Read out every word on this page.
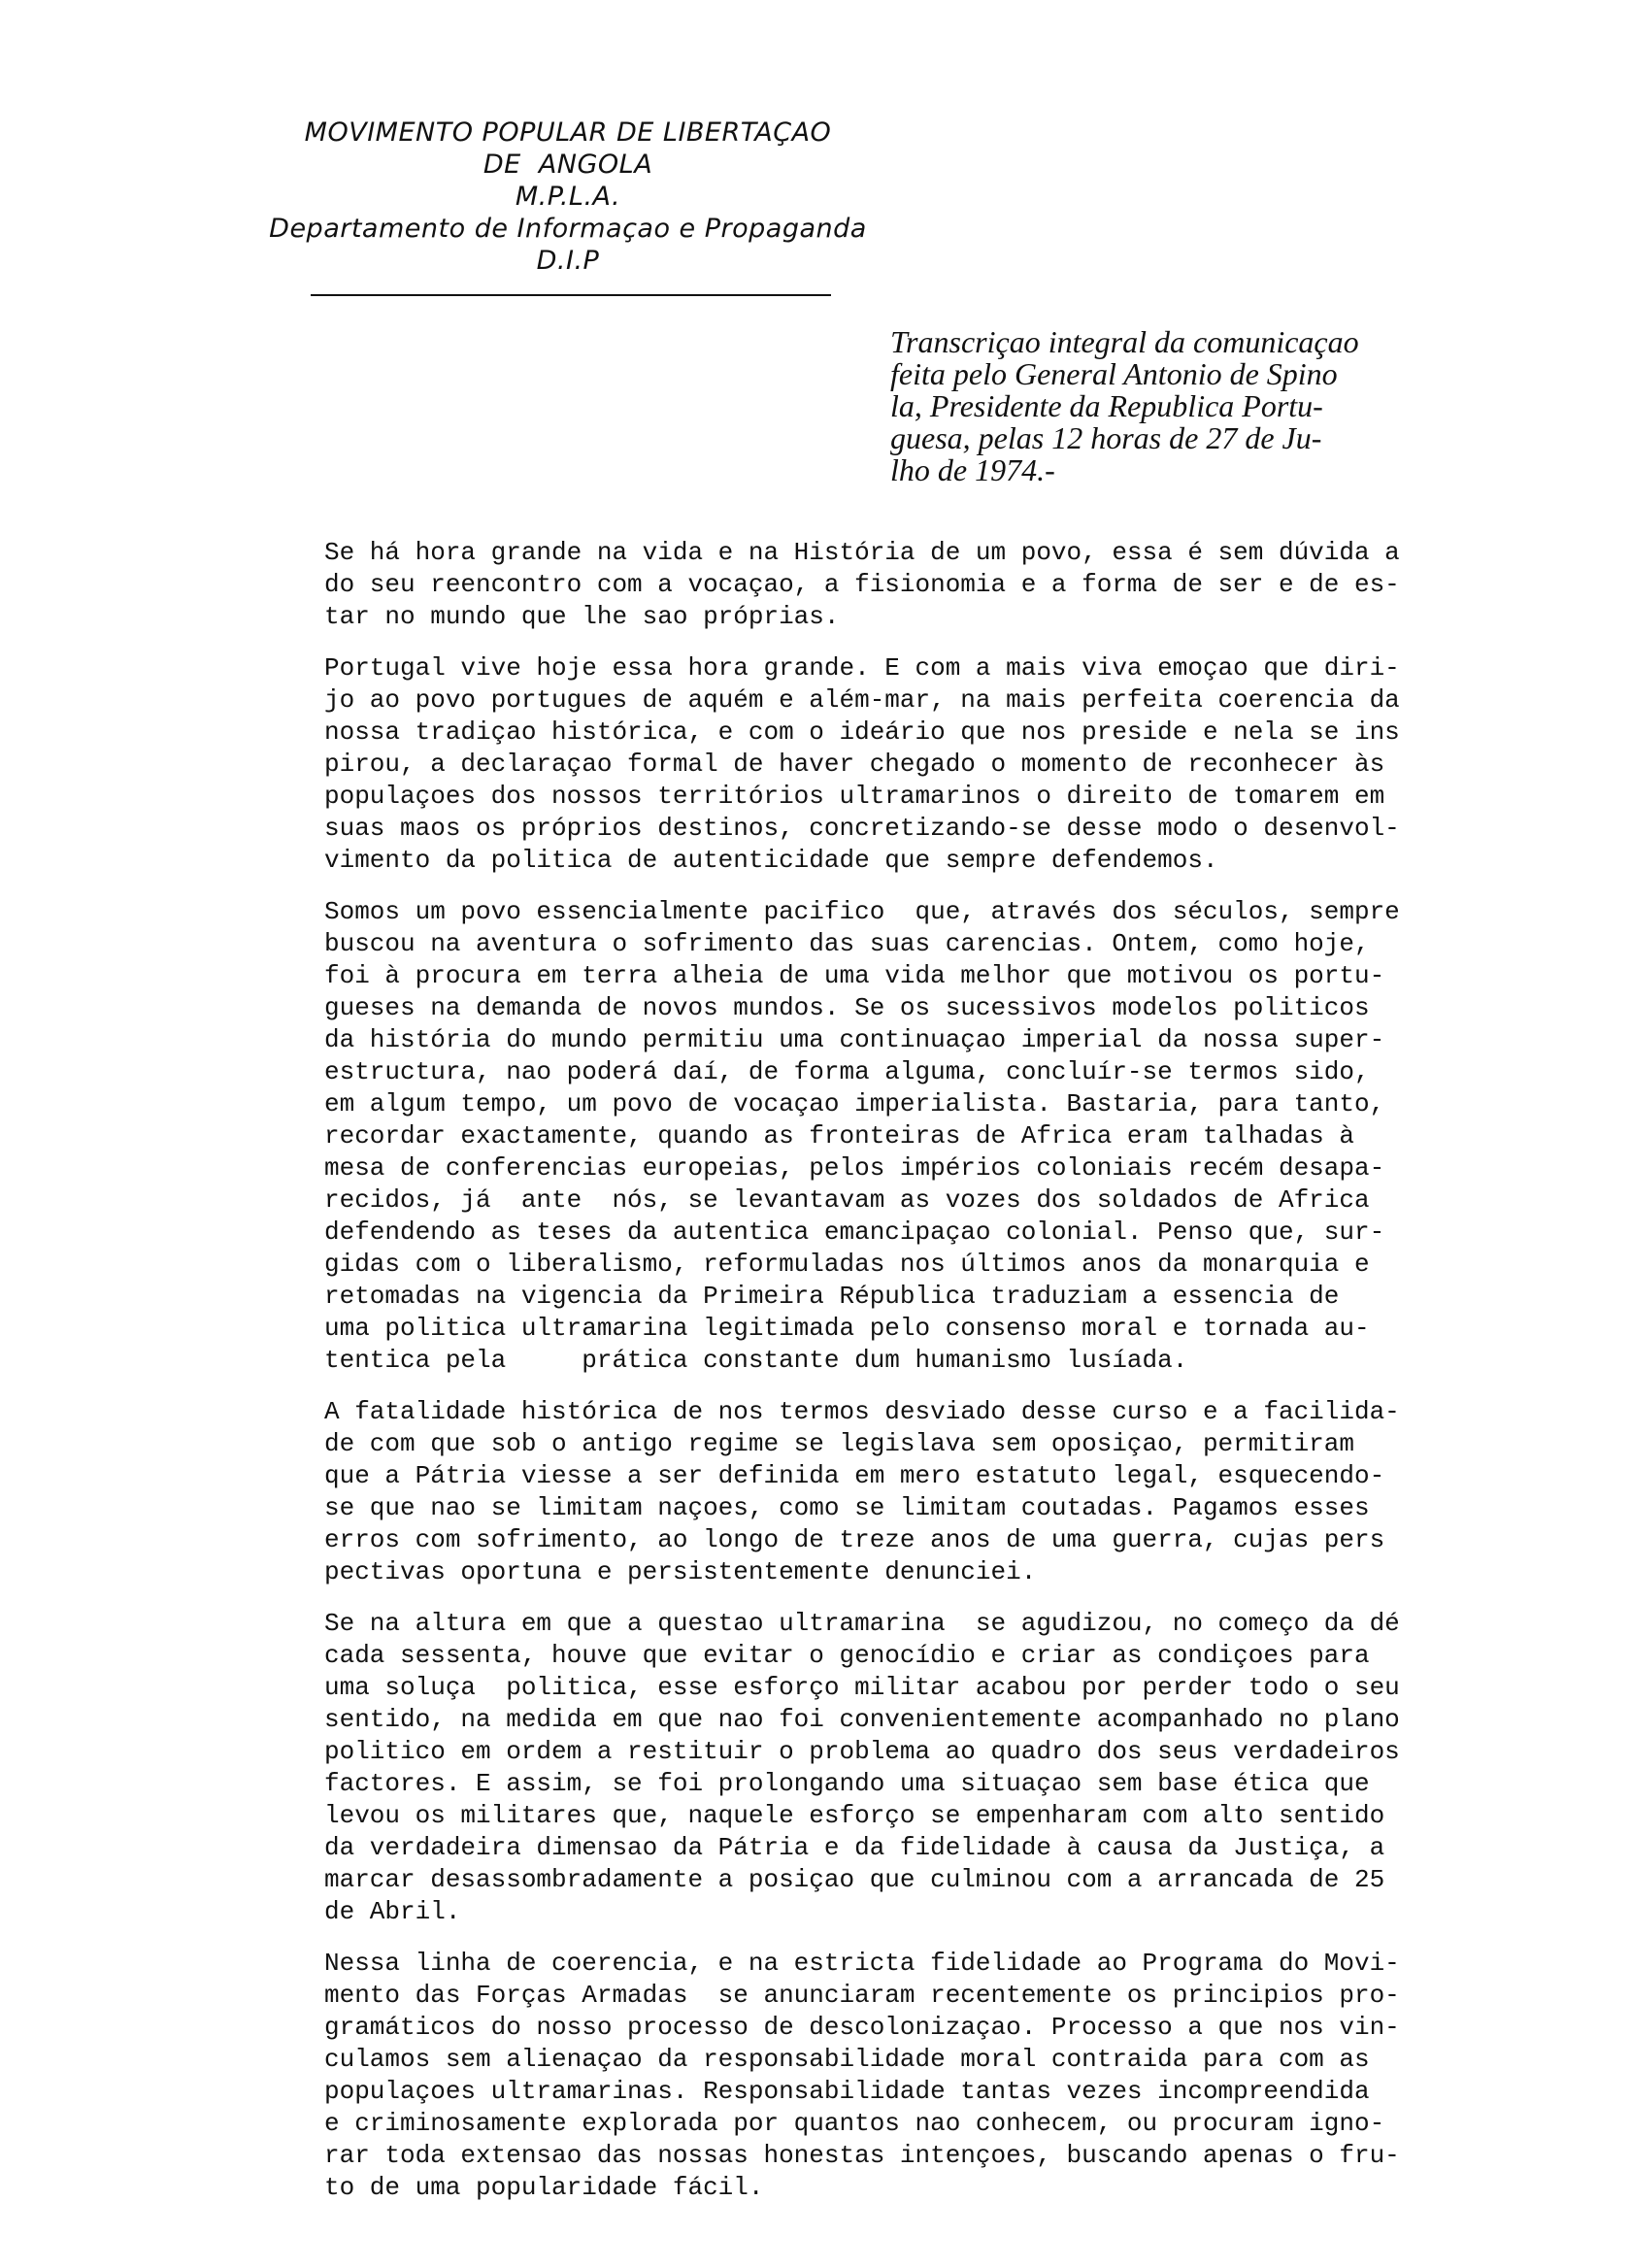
MOVIMENTO POPULAR DE LIBERTAÇAO
DE  ANGOLA
M.P.L.A.
Departamento de Informaçao e Propaganda
D.I.P
Transcriçao integral da comunicaçao
feita pelo General Antonio de Spino
la, Presidente da Republica Portu-
guesa, pelas 12 horas de 27 de Ju-
lho de 1974.-
Se há hora grande na vida e na História de um povo, essa é sem dúvida a
do seu reencontro com a vocaçao, a fisionomia e a forma de ser e de es-
tar no mundo que lhe sao próprias.
Portugal vive hoje essa hora grande. E com a mais viva emoçao que diri-
jo ao povo portugues de aquém e além-mar, na mais perfeita coerencia da
nossa tradiçao histórica, e com o ideário que nos preside e nela se ins
pirou, a declaraçao formal de haver chegado o momento de reconhecer às
populaçoes dos nossos territórios ultramarinos o direito de tomarem em
suas maos os próprios destinos, concretizando-se desse modo o desenvol-
vimento da politica de autenticidade que sempre defendemos.
Somos um povo essencialmente pacifico  que, através dos séculos, sempre
buscou na aventura o sofrimento das suas carencias. Ontem, como hoje,
foi à procura em terra alheia de uma vida melhor que motivou os portu-
gueses na demanda de novos mundos. Se os sucessivos modelos politicos
da história do mundo permitiu uma continuaçao imperial da nossa super-
estructura, nao poderá daí, de forma alguma, concluír-se termos sido,
em algum tempo, um povo de vocaçao imperialista. Bastaria, para tanto,
recordar exactamente, quando as fronteiras de Africa eram talhadas à
mesa de conferencias europeias, pelos impérios coloniais recém desapa-
recidos, já  ante  nós, se levantavam as vozes dos soldados de Africa
defendendo as teses da autentica emancipaçao colonial. Penso que, sur-
gidas com o liberalismo, reformuladas nos últimos anos da monarquia e
retomadas na vigencia da Primeira Républica traduziam a essencia de
uma politica ultramarina legitimada pelo consenso moral e tornada au-
tentica pela     prática constante dum humanismo lusíada.
A fatalidade histórica de nos termos desviado desse curso e a facilida-
de com que sob o antigo regime se legislava sem oposiçao, permitiram
que a Pátria viesse a ser definida em mero estatuto legal, esquecendo-
se que nao se limitam naçoes, como se limitam coutadas. Pagamos esses
erros com sofrimento, ao longo de treze anos de uma guerra, cujas pers
pectivas oportuna e persistentemente denunciei.
Se na altura em que a questao ultramarina  se agudizou, no começo da dé
cada sessenta, houve que evitar o genocídio e criar as condiçoes para
uma soluça  politica, esse esforço militar acabou por perder todo o seu
sentido, na medida em que nao foi convenientemente acompanhado no plano
politico em ordem a restituir o problema ao quadro dos seus verdadeiros
factores. E assim, se foi prolongando uma situaçao sem base ética que
levou os militares que, naquele esforço se empenharam com alto sentido
da verdadeira dimensao da Pátria e da fidelidade à causa da Justiça, a
marcar desassombradamente a posiçao que culminou com a arrancada de 25
de Abril.
Nessa linha de coerencia, e na estricta fidelidade ao Programa do Movi-
mento das Forças Armadas  se anunciaram recentemente os principios pro-
gramáticos do nosso processo de descolonizaçao. Processo a que nos vin-
culamos sem alienaçao da responsabilidade moral contraida para com as
populaçoes ultramarinas. Responsabilidade tantas vezes incompreendida
e criminosamente explorada por quantos nao conhecem, ou procuram igno-
rar toda extensao das nossas honestas intençoes, buscando apenas o fru-
to de uma popularidade fácil.
